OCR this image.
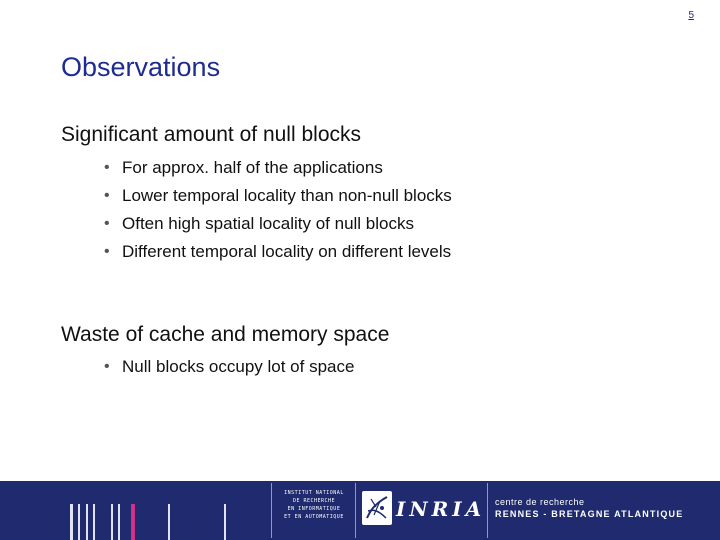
5
Observations
Significant amount of null blocks
• For approx. half of the applications
• Lower temporal locality than non-null blocks
• Often high spatial locality of null blocks
• Different temporal locality on different levels
Waste of cache and memory space
• Null blocks occupy lot of space
INSTITUT NATIONAL
DE RECHERCHE
EN INFORMATIQUE
ET EN AUTOMATIQUE	INRIA centre de recherche
RENNES - BRETAGNE ATLANTIQUE
